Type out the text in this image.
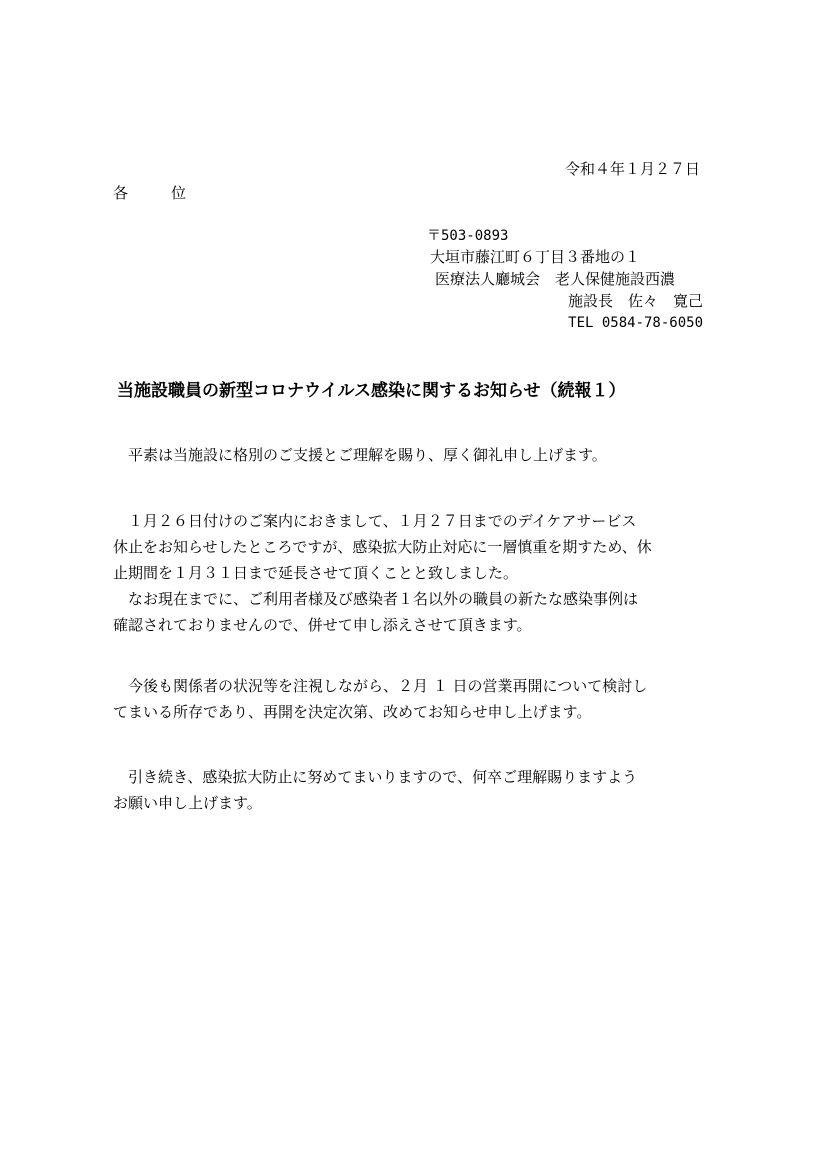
令和４年１月２７日
各　位
〒503-0893
大垣市藤江町６丁目３番地の１
医療法人廳城会　老人保健施設西濃
施設長　佐々　寛己
TEL 0584-78-6050
当施設職員の新型コロナウイルス感染に関するお知らせ（続報１）
　平素は当施設に格別のご支援とご理解を賜り、厚く御礼申し上げます。
　１月２６日付けのご案内におきまして、１月２７日までのデイケアサービス
休止をお知らせしたところですが、感染拡大防止対応に一層慎重を期すため、休
止期間を１月３１日まで延長させて頂くことと致しました。
　なお現在までに、ご利用者様及び感染者１名以外の職員の新たな感染事例は
確認されておりませんので、併せて申し添えさせて頂きます。
　今後も関係者の状況等を注視しながら、２月 １ 日の営業再開について検討し
てまいる所存であり、再開を決定次第、改めてお知らせ申し上げます。
　引き続き、感染拡大防止に努めてまいりますので、何卒ご理解賜りますよう
お願い申し上げます。
